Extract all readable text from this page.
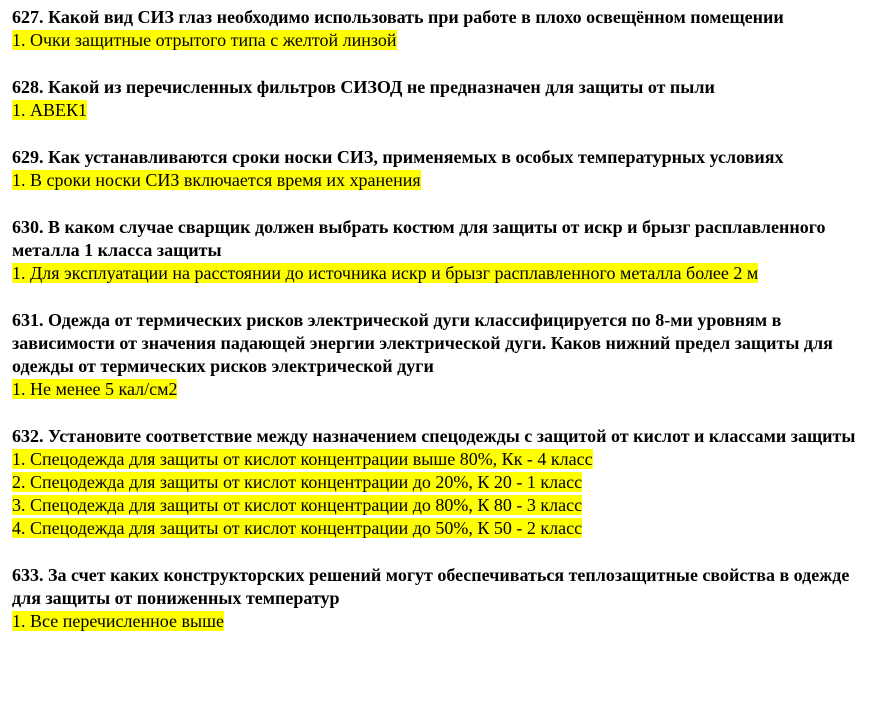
627. Какой вид СИЗ глаз необходимо использовать при работе в плохо освещённом помещении

1. Очки защитные отрытого типа с желтой линзой

628. Какой из перечисленных фильтров СИЗОД не предназначен для защиты от пыли

1. АВЕК1

629. Как устанавливаются сроки носки СИЗ, применяемых в особых температурных условиях

1. В сроки носки СИЗ включается время их хранения

630. В каком случае сварщик должен выбрать костюм для защиты от искр и брызг расплавленного металла 1 класса защиты

1. Для эксплуатации на расстоянии до источника искр и брызг расплавленного металла более 2 м

631. Одежда от термических рисков электрической дуги классифицируется по 8-ми уровням в зависимости от значения падающей энергии электрической дуги. Каков нижний предел защиты для одежды от термических рисков электрической дуги

1. Не менее 5 кал/см2

632. Установите соответствие между назначением спецодежды с защитой от кислот и классами защиты

1. Спецодежда для защиты от кислот концентрации выше 80%, Кк - 4 класс

2. Спецодежда для защиты от кислот концентрации до 20%, К 20 - 1 класс

3. Спецодежда для защиты от кислот концентрации до 80%, К 80 - 3 класс

4. Спецодежда для защиты от кислот концентрации до 50%, К 50 - 2 класс

633. За счет каких конструкторских решений могут обеспечиваться теплозащитные свойства в одежде для защиты от пониженных температур

1. Все перечисленное выше
